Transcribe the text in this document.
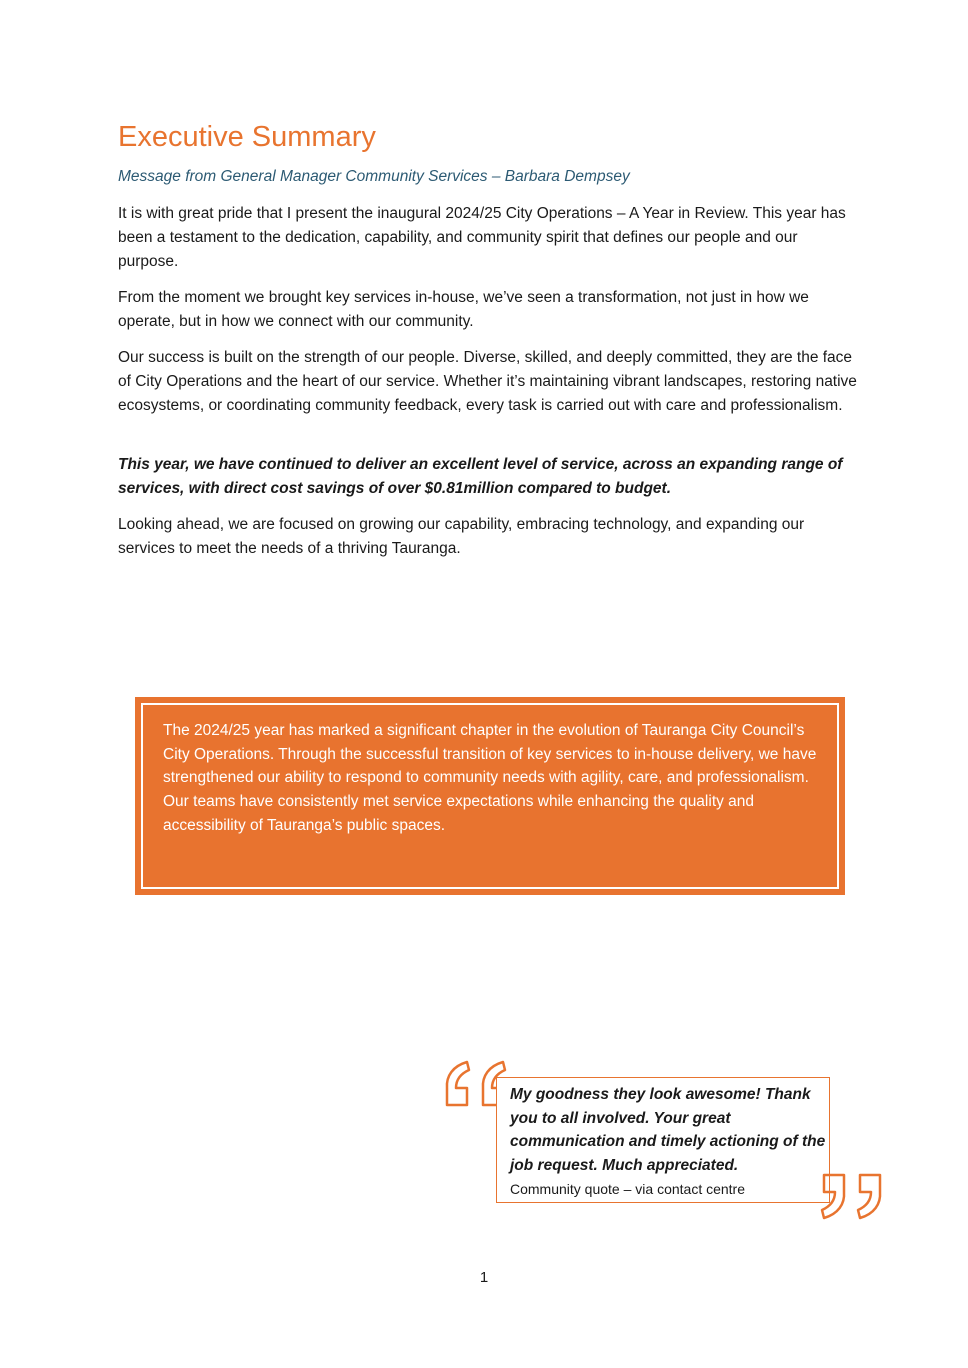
Executive Summary

Message from General Manager Community Services – Barbara Dempsey

It is with great pride that I present the inaugural 2024/25 City Operations – A Year in Review. This year has been a testament to the dedication, capability, and community spirit that defines our people and our purpose.

From the moment we brought key services in-house, we’ve seen a transformation, not just in how we operate, but in how we connect with our community.

Our success is built on the strength of our people. Diverse, skilled, and deeply committed, they are the face of City Operations and the heart of our service. Whether it’s maintaining vibrant landscapes, restoring native ecosystems, or coordinating community feedback, every task is carried out with care and professionalism.

This year, we have continued to deliver an excellent level of service, across an expanding range of services, with direct cost savings of over $0.81million compared to budget.

Looking ahead, we are focused on growing our capability, embracing technology, and expanding our services to meet the needs of a thriving Tauranga.

The 2024/25 year has marked a significant chapter in the evolution of Tauranga City Council’s City Operations. Through the successful transition of key services to in-house delivery, we have strengthened our ability to respond to community needs with agility, care, and professionalism. Our teams have consistently met service expectations while enhancing the quality and accessibility of Tauranga’s public spaces.

My goodness they look awesome! Thank you to all involved. Your great communication and timely actioning of the job request. Much appreciated.

Community quote – via contact centre

1
